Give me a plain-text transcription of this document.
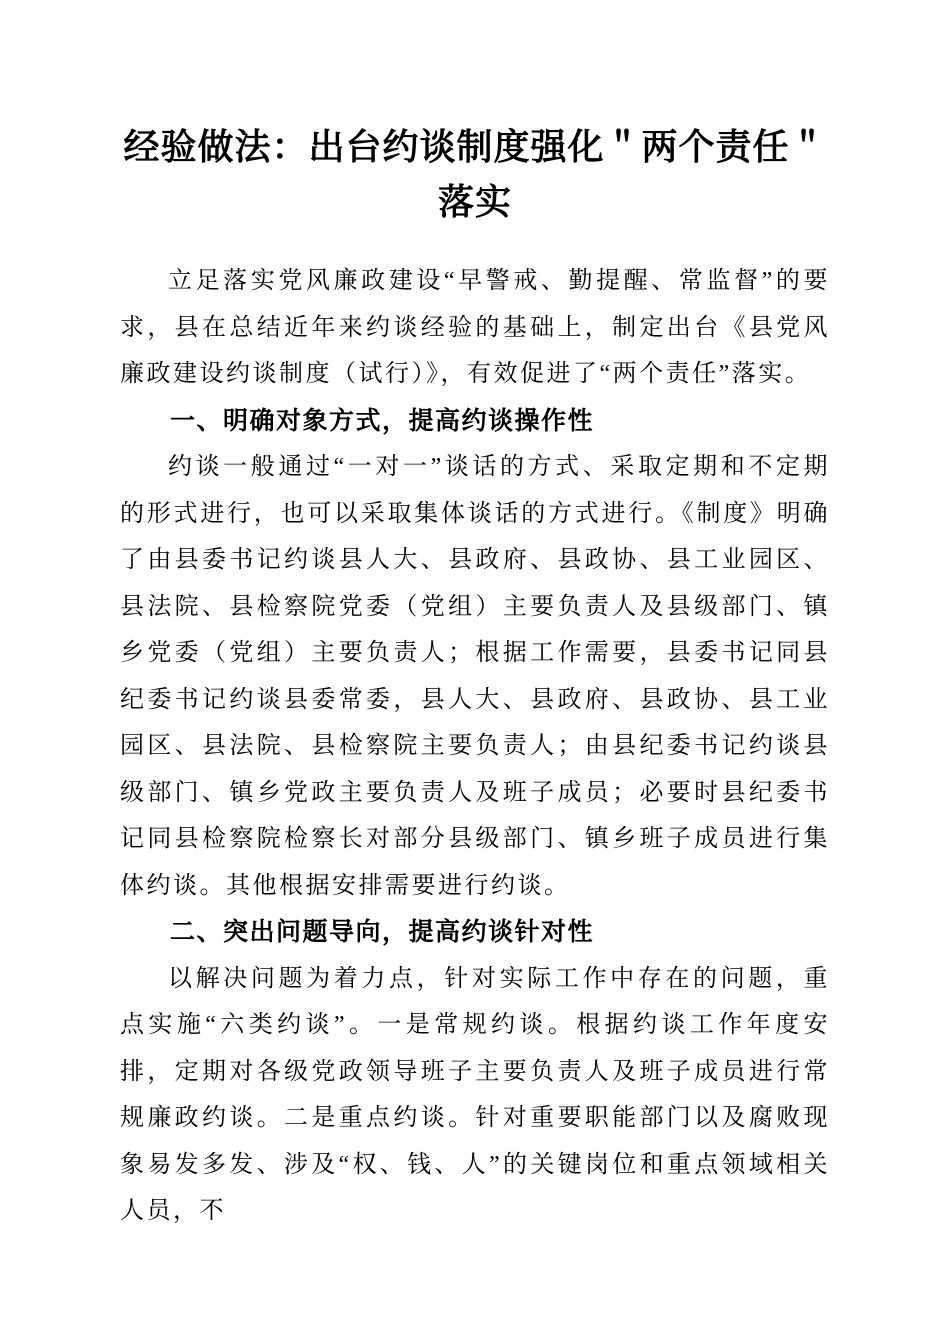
经验做法：出台约谈制度强化＂两个责任＂落实

立足落实党风廉政建设“早警戒、勤提醒、常监督”的要求，县在总结近年来约谈经验的基础上，制定出台《县党风廉政建设约谈制度（试行）》，有效促进了“两个责任”落实。

一、明确对象方式，提高约谈操作性

约谈一般通过“一对一”谈话的方式、采取定期和不定期的形式进行，也可以采取集体谈话的方式进行。《制度》明确了由县委书记约谈县人大、县政府、县政协、县工业园区、县法院、县检察院党委（党组）主要负责人及县级部门、镇乡党委（党组）主要负责人；根据工作需要，县委书记同县纪委书记约谈县委常委，县人大、县政府、县政协、县工业园区、县法院、县检察院主要负责人；由县纪委书记约谈县级部门、镇乡党政主要负责人及班子成员；必要时县纪委书记同县检察院检察长对部分县级部门、镇乡班子成员进行集体约谈。其他根据安排需要进行约谈。

二、突出问题导向，提高约谈针对性

以解决问题为着力点，针对实际工作中存在的问题，重点实施“六类约谈”。一是常规约谈。根据约谈工作年度安排，定期对各级党政领导班子主要负责人及班子成员进行常规廉政约谈。二是重点约谈。针对重要职能部门以及腐败现象易发多发、涉及“权、钱、人”的关键岗位和重点领域相关人员，不
